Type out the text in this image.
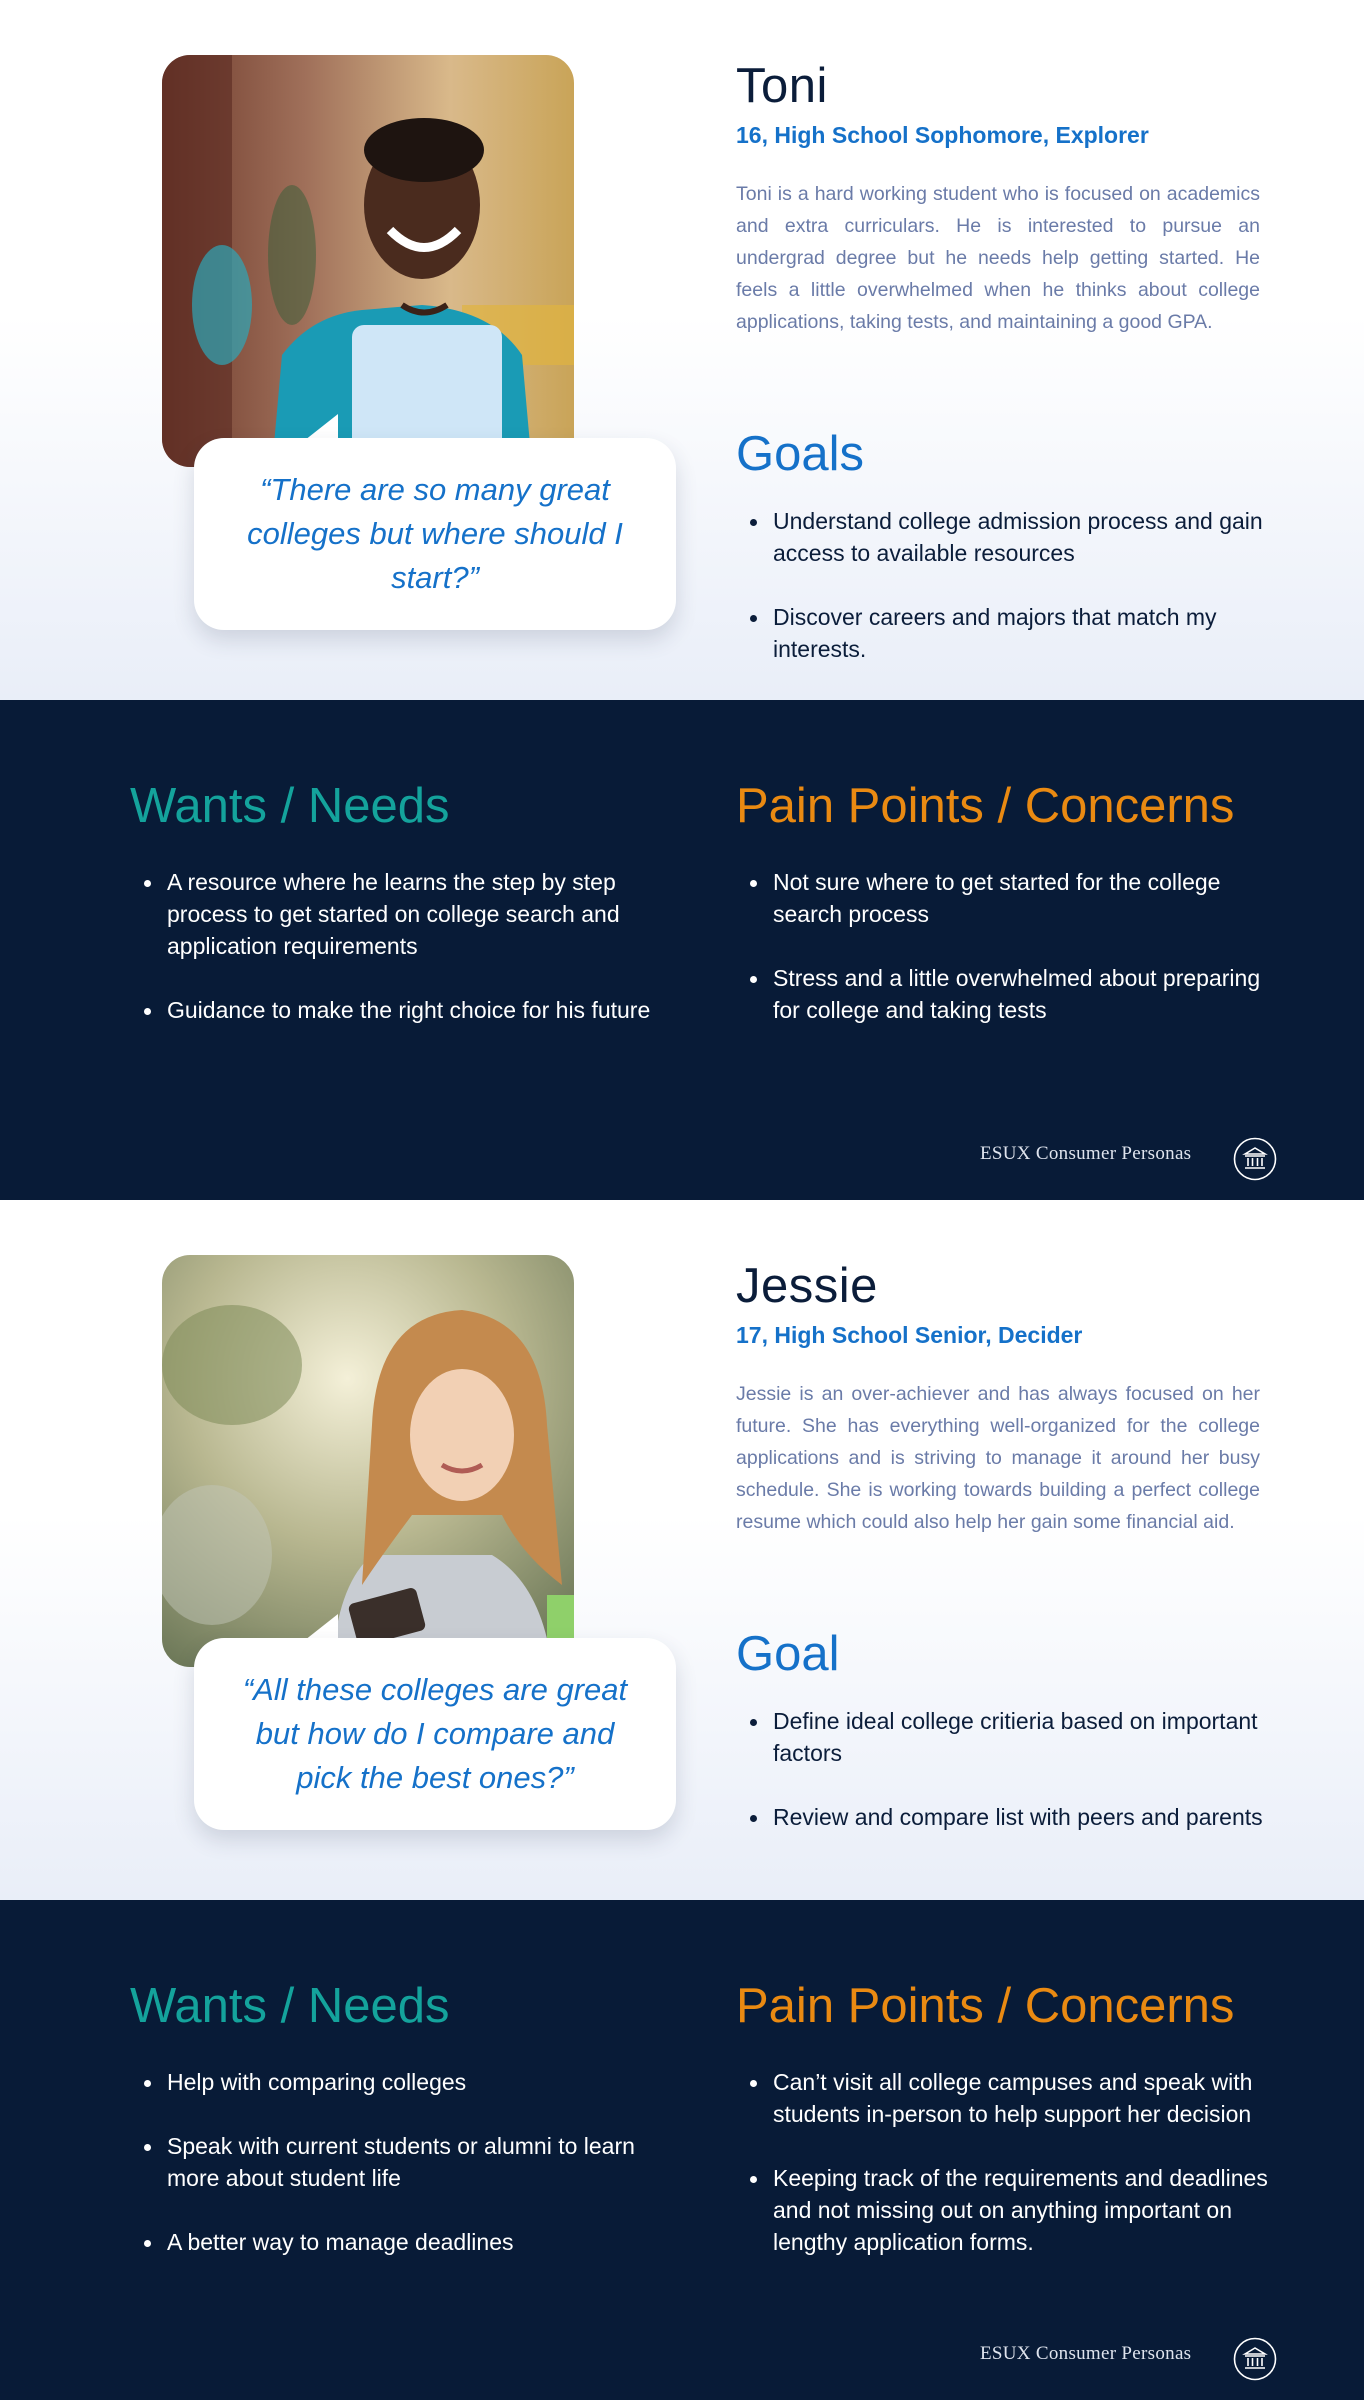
“There are so many great colleges but where should I start?”

Toni
16, High School Sophomore, Explorer

Toni is a hard working student who is focused on academics and extra curriculars. He is interested to pursue an undergrad degree but he needs help getting started. He feels a little overwhelmed when he thinks about college applications, taking tests, and maintaining a good GPA.

Goals
Understand college admission process and gain access to available resources
Discover careers and majors that match my interests.
Wants / Needs
A resource where he learns the step by step process to get started on college search and application requirements
Guidance to make the right choice for his future
Pain Points / Concerns
Not sure where to get started for the college search process
Stress and a little overwhelmed about preparing for college and taking tests
ESUX Consumer Personas

“All these colleges are great but how do I compare and pick the best ones?”

Jessie
17, High School Senior, Decider

Jessie is an over-achiever and has always focused on her future. She has everything well-organized for the college applications and is striving to manage it around her busy schedule. She is working towards building a perfect college resume which could also help her gain some financial aid.

Goal
Define ideal college critieria based on important factors
Review and compare list with peers and parents
Wants / Needs
Help with comparing colleges
Speak with current students or alumni to learn more about student life
A better way to manage deadlines
Pain Points / Concerns
Can’t visit all college campuses and speak with students in-person to help support her decision
Keeping track of the requirements and deadlines and not missing out on anything important on lengthy application forms.
ESUX Consumer Personas
